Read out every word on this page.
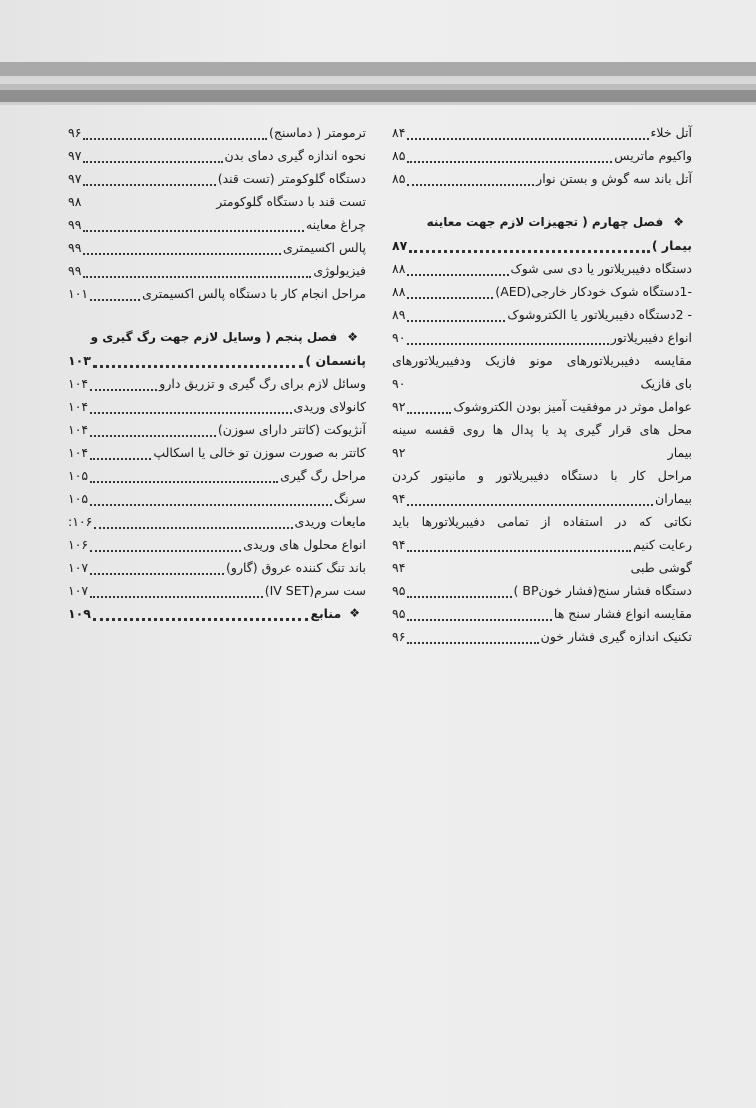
آتل خلاء
۸۴
واکیوم ماتریس
۸۵
آتل باند سه گوش و بستن نوار
۸۵
❖
فصل چهارم ( تجهیزات لازم جهت معاینه
بیمار )
۸۷
دستگاه دفیبریلاتور یا دی سی شوک
۸۸
-1دستگاه شوک خودکار خارجی(AED)
۸۸
- 2دستگاه دفیبریلاتور یا الکتروشوک
۸۹
انواع دفیبریلاتور
۹۰
مقایسه دفیبریلاتورهای مونو فازیک ودفیبریلاتورهای
بای فازیک
۹۰
عوامل موثر در موفقیت آمیز بودن الکتروشوک
۹۲
محل های قرار گیری پد یا پدال ها روی قفسه سینه
بیمار
۹۲
مراحل کار با دستگاه دفیبریلاتور و مانیتور کردن
بیماران
۹۴
نکاتی که در استفاده از تمامی دفیبریلاتورها باید
رعایت کنیم
۹۴
گوشی طبی
۹۴
دستگاه فشار سنج(فشار خونBP )
۹۵
مقایسه انواع فشار سنج ها
۹۵
تکنیک اندازه گیری فشار خون
۹۶
ترمومتر ( دماسنج)
۹۶
نحوه اندازه گیری دمای بدن
۹۷
دستگاه گلوکومتر (تست قند)
۹۷
تست قند با دستگاه گلوکومتر
۹۸
چراغ معاینه
۹۹
پالس اکسیمتری
۹۹
فیزیولوژی
۹۹
مراحل انجام کار با دستگاه پالس اکسیمتری
۱۰۱
❖
فصل پنجم ( وسایل لازم جهت رگ گیری و
پانسمان )
۱۰۳
وسائل لازم برای رگ گیری و تزریق دارو
۱۰۴
کانولای وریدی
۱۰۴
آنژیوکت (کاتتر دارای سوزن)
۱۰۴
کاتتر به صورت سوزن تو خالی یا اسکالپ
۱۰۴
مراحل رگ گیری
۱۰۵
سرنگ
۱۰۵
مایعات وریدی
۱۰۶:
انواع محلول های وریدی
۱۰۶
باند تنگ کننده عروق (گارو)
۱۰۷
ست سرم(IV SET)
۱۰۷
❖
منابع
۱۰۹
